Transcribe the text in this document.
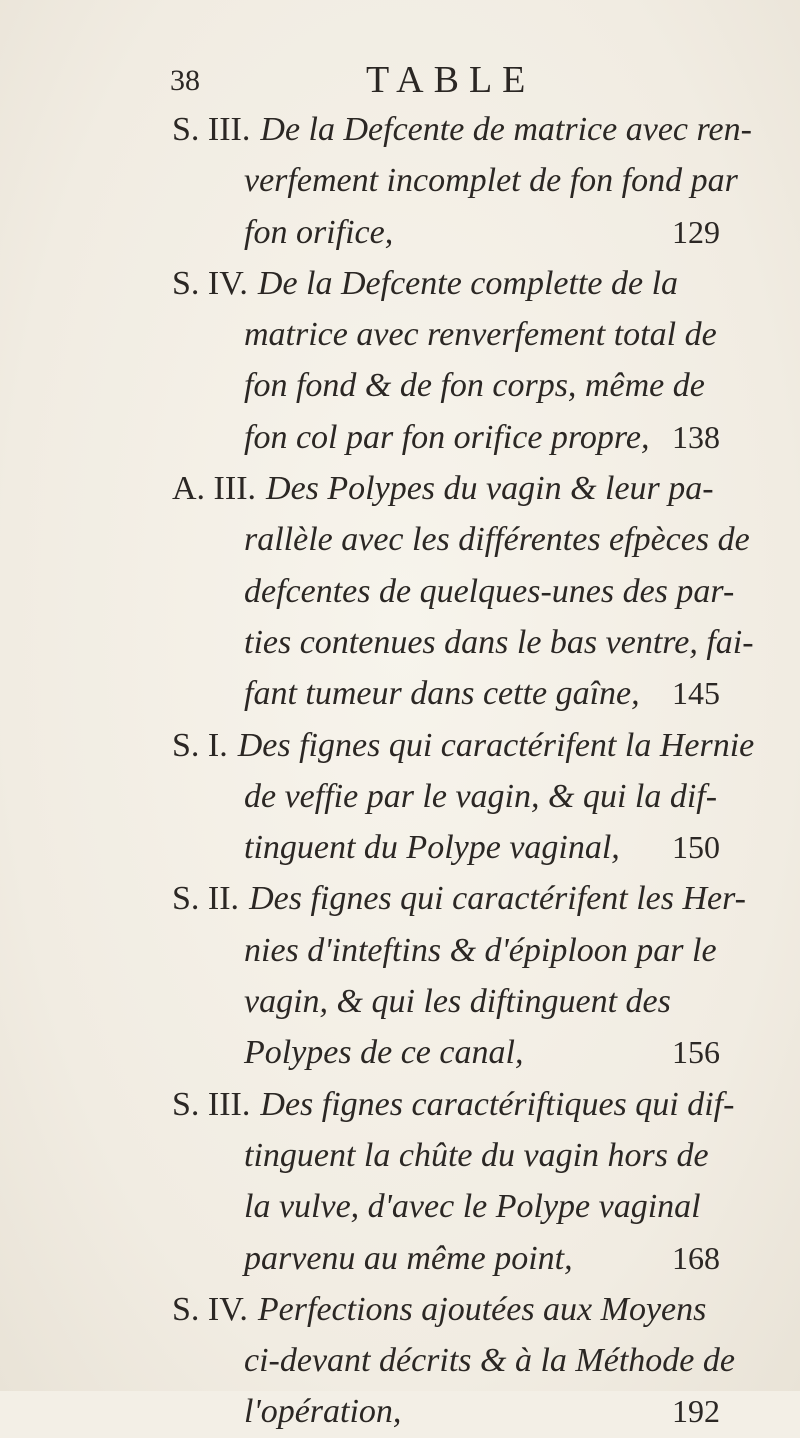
38	TABLE
S. III. De la Defcente de matrice avec ren-
verfement incomplet de fon fond par
fon orifice,	129
S. IV. De la Defcente complette de la
matrice avec renverfement total de
fon fond & de fon corps, même de
fon col par fon orifice propre, 138
A. III. Des Polypes du vagin & leur pa-
rallèle avec les différentes efpèces de
defcentes de quelques-unes des par-
ties contenues dans le bas ventre, fai-
fant tumeur dans cette gaîne, 145
S. I. Des fignes qui caractérifent la Hernie
de veffie par le vagin, & qui la dif-
tinguent du Polype vaginal, 150
S. II. Des fignes qui caractérifent les Her-
nies d'inteftins & d'épiploon par le
vagin, & qui les diftinguent des
Polypes de ce canal,	156
S. III. Des fignes caractériftiques qui dif-
tinguent la chûte du vagin hors de
la vulve, d'avec le Polype vaginal
parvenu au même point,	168
S. IV. Perfections ajoutées aux Moyens
ci-devant décrits & à la Méthode de
l'opération,	192
